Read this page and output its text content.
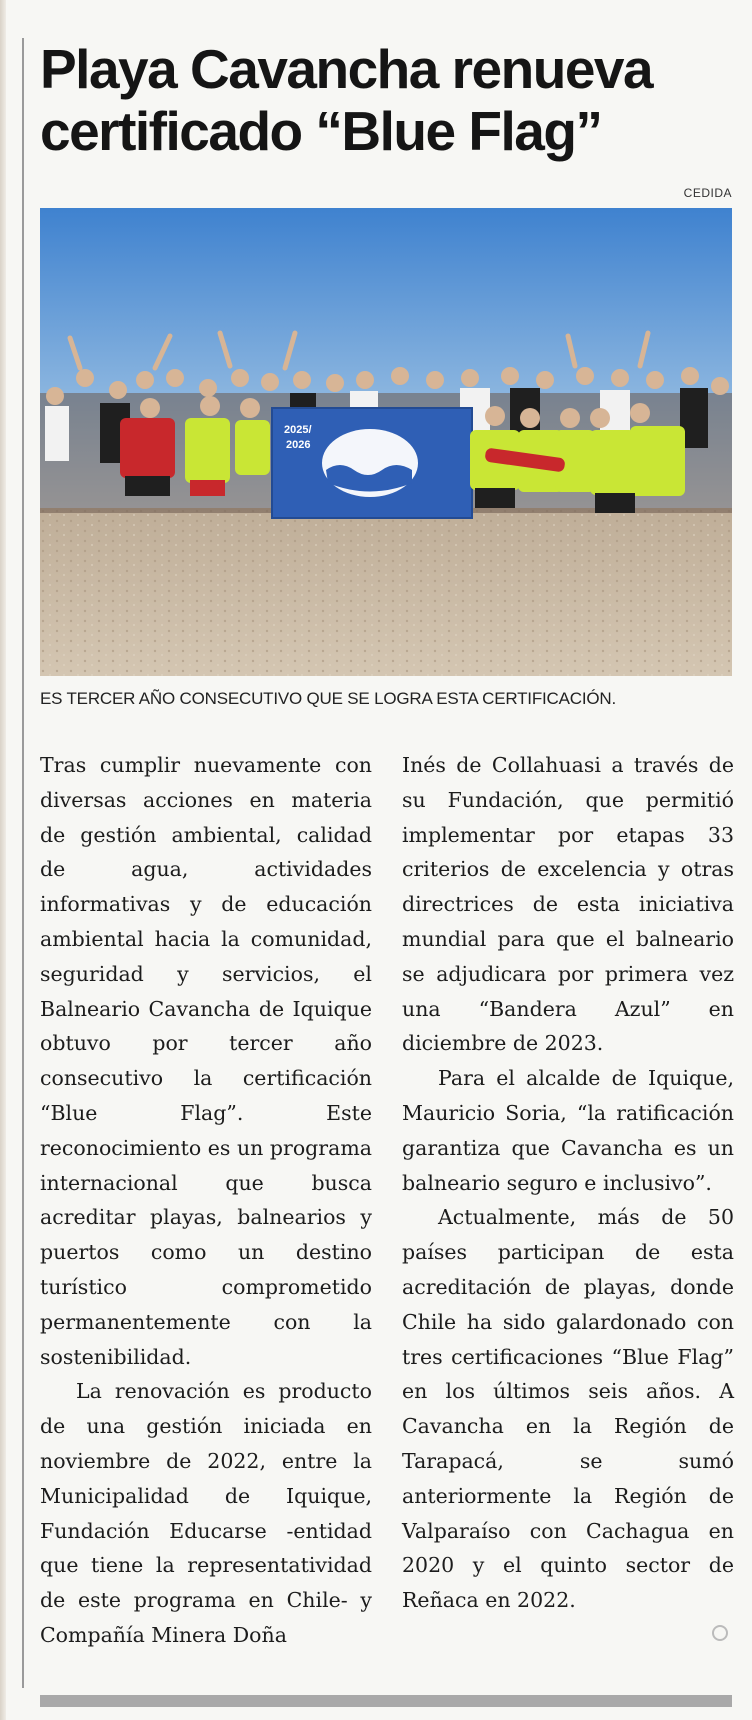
Playa Cavancha renueva
certificado “Blue Flag”
CEDIDA
2025/
2026
ES TERCER AÑO CONSECUTIVO QUE SE LOGRA ESTA CERTIFICACIÓN.

Tras cumplir nuevamente con diversas acciones en materia de gestión ambiental, calidad de agua, actividades informativas y de educación ambiental hacia la comunidad, seguridad y servicios, el Balneario Cavancha de Iquique obtuvo por tercer año consecutivo la certificación “Blue Flag”. Este reconocimiento es un programa internacional que busca acreditar playas, balnearios y puertos como un destino turístico comprometido permanentemente con la sostenibilidad.

La renovación es producto de una gestión iniciada en noviembre de 2022, entre la Municipalidad de Iquique, Fundación Educarse -entidad que tiene la representatividad de este programa en Chile- y Compañía Minera Doña

Inés de Collahuasi a través de su Fundación, que permitió implementar por etapas 33 criterios de excelencia y otras directrices de esta iniciativa mundial para que el balneario se adjudicara por primera vez una “Bandera Azul” en diciembre de 2023.

Para el alcalde de Iquique, Mauricio Soria, “la ratificación garantiza que Cavancha es un balneario seguro e inclusivo”.

Actualmente, más de 50 países participan de esta acreditación de playas, donde Chile ha sido galardonado con tres certificaciones “Blue Flag” en los últimos seis años. A Cavancha en la Región de Tarapacá, se sumó anteriormente la Región de Valparaíso con Cachagua en 2020 y el quinto sector de Reñaca en 2022.
